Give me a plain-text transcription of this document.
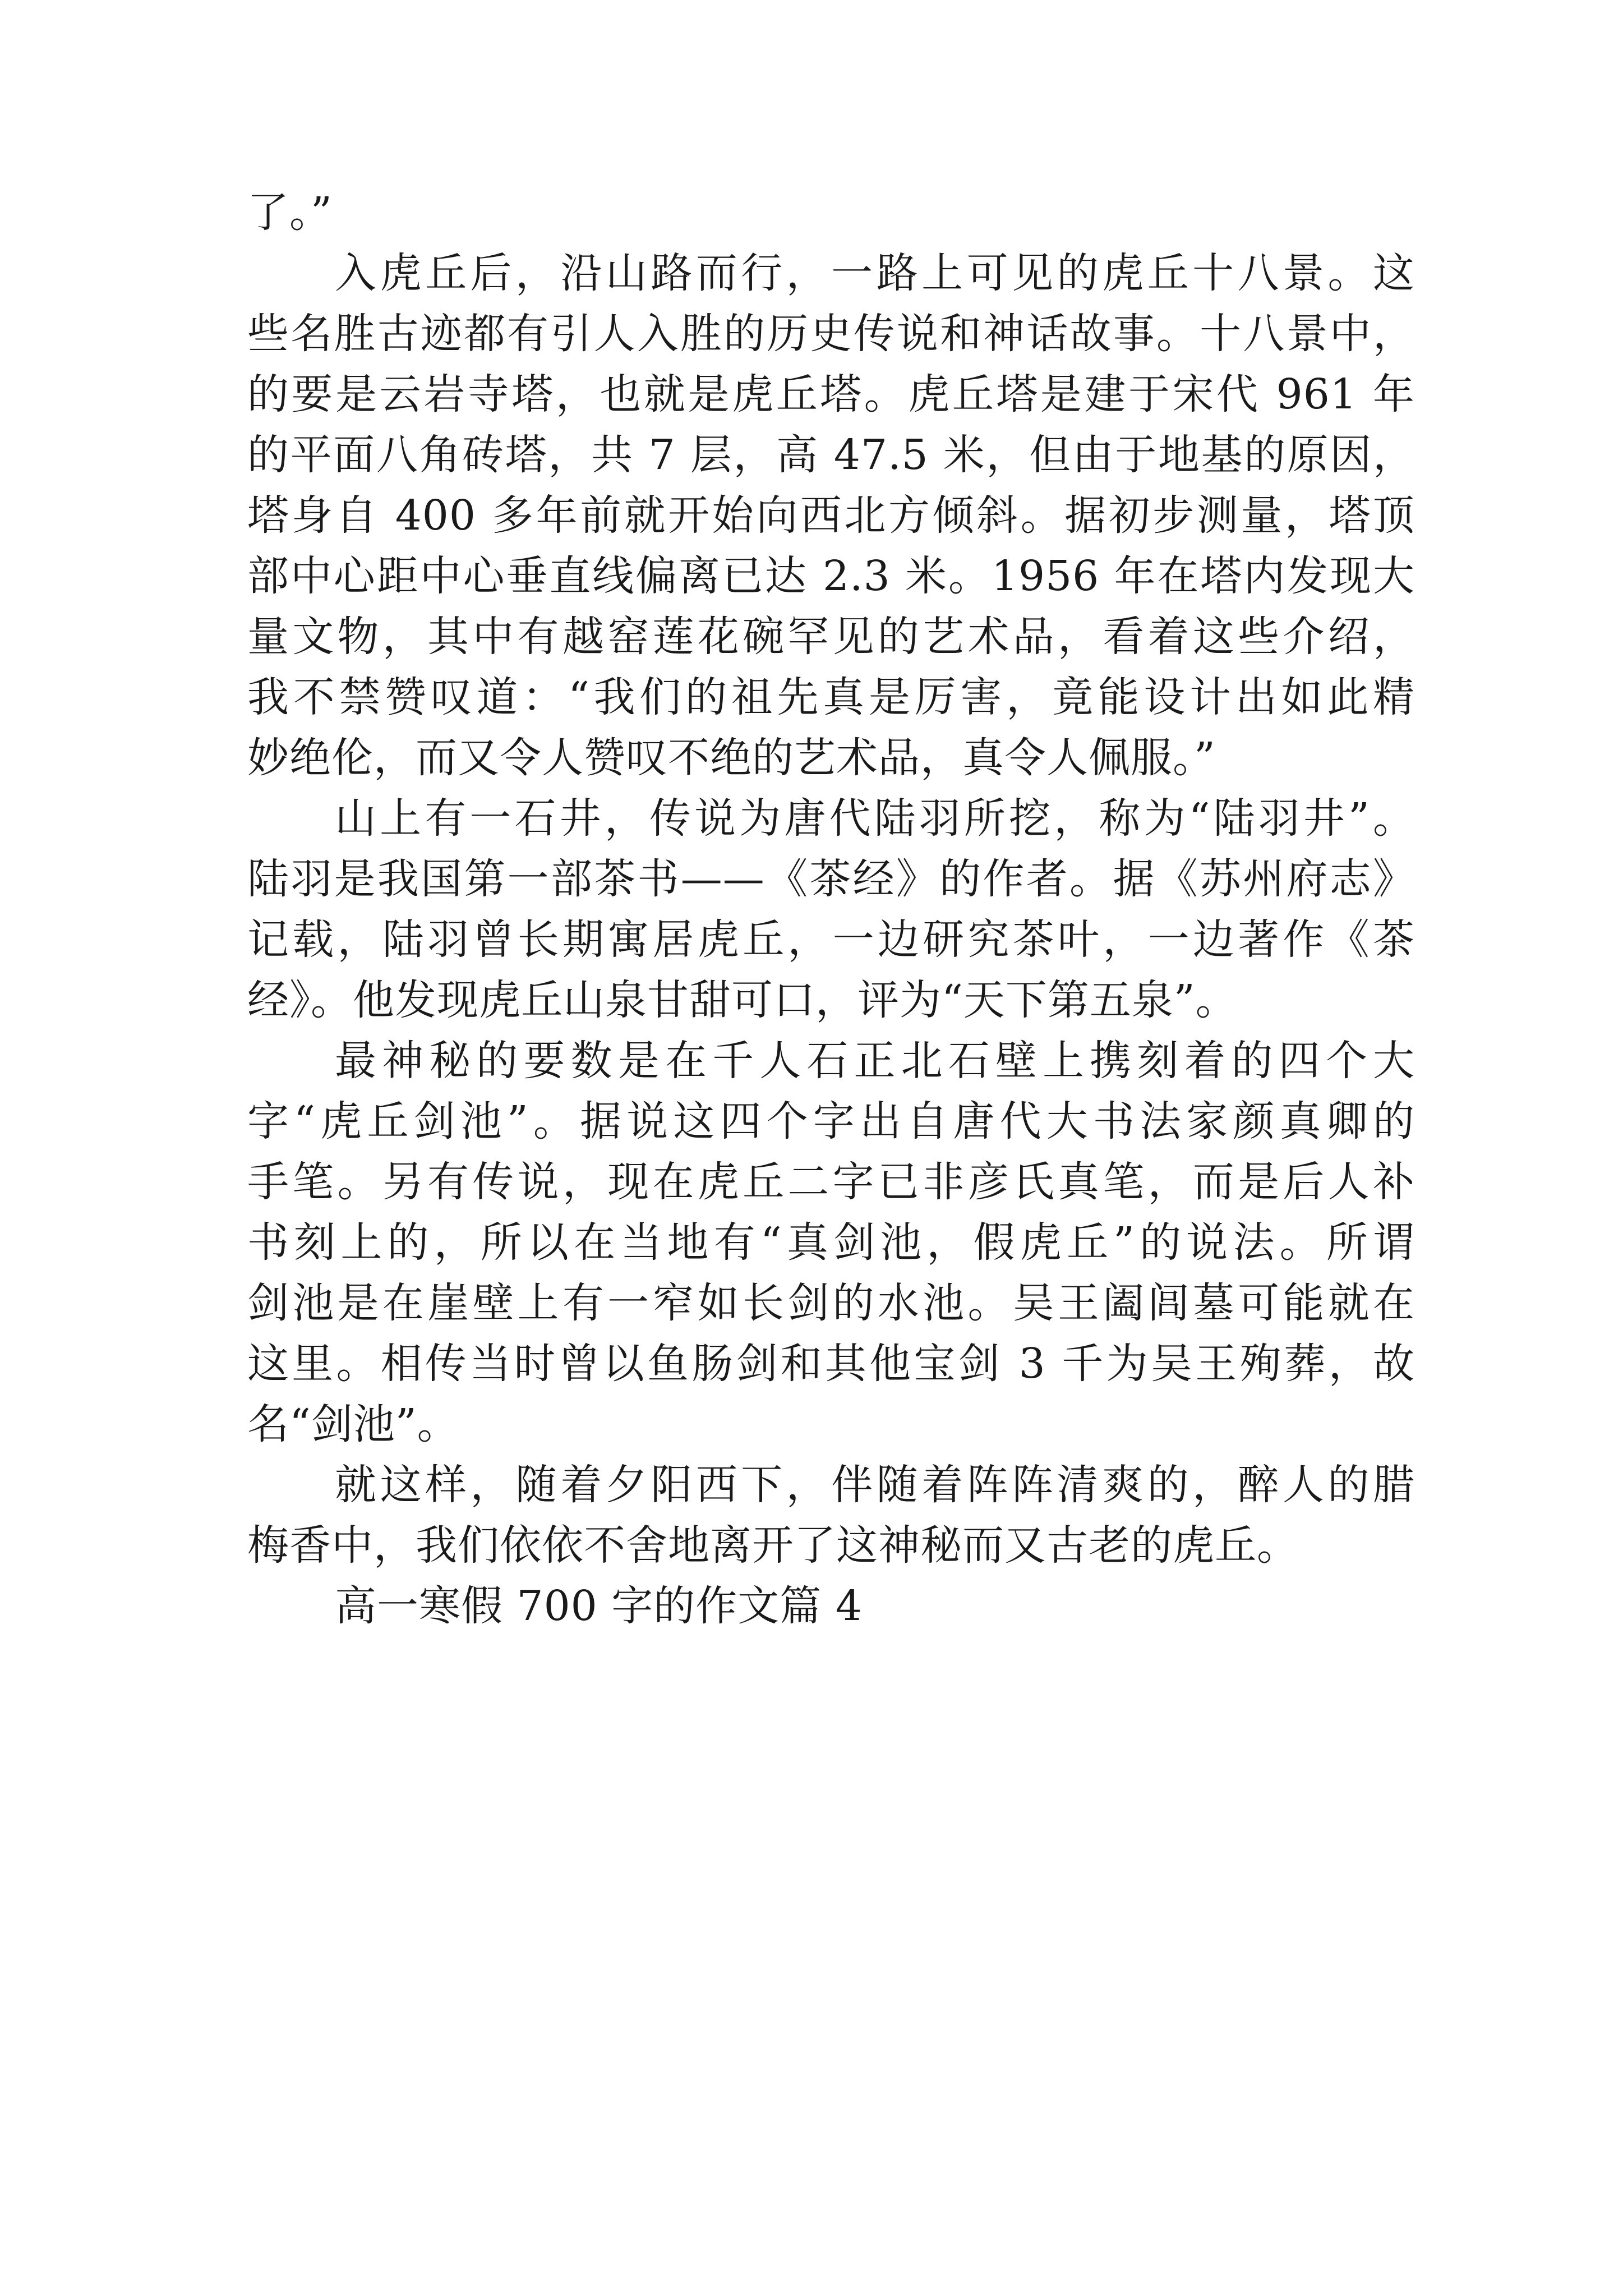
了。”
入虎丘后，沿山路而行，一路上可见的虎丘十八景。这
些名胜古迹都有引人入胜的历史传说和神话故事。十八景中，
的要是云岩寺塔，也就是虎丘塔。虎丘塔是建于宋代 961 年
的平面八角砖塔，共 7 层，高 47.5 米，但由于地基的原因，
塔身自 400 多年前就开始向西北方倾斜。据初步测量，塔顶
部中心距中心垂直线偏离已达 2.3 米。1956 年在塔内发现大
量文物，其中有越窑莲花碗罕见的艺术品，看着这些介绍，
我不禁赞叹道：“我们的祖先真是厉害，竟能设计出如此精
妙绝伦，而又令人赞叹不绝的艺术品，真令人佩服。”
山上有一石井，传说为唐代陆羽所挖，称为“陆羽井”。
陆羽是我国第一部茶书——《茶经》的作者。据《苏州府志》
记载，陆羽曾长期寓居虎丘，一边研究茶叶，一边著作《茶
经》。他发现虎丘山泉甘甜可口，评为“天下第五泉”。
最神秘的要数是在千人石正北石壁上携刻着的四个大
字“虎丘剑池”。据说这四个字出自唐代大书法家颜真卿的
手笔。另有传说，现在虎丘二字已非彦氏真笔，而是后人补
书刻上的，所以在当地有“真剑池，假虎丘”的说法。所谓
剑池是在崖壁上有一窄如长剑的水池。吴王阖闾墓可能就在
这里。相传当时曾以鱼肠剑和其他宝剑 3 千为吴王殉葬，故
名“剑池”。
就这样，随着夕阳西下，伴随着阵阵清爽的，醉人的腊
梅香中，我们依依不舍地离开了这神秘而又古老的虎丘。
高一寒假 700 字的作文篇 4
